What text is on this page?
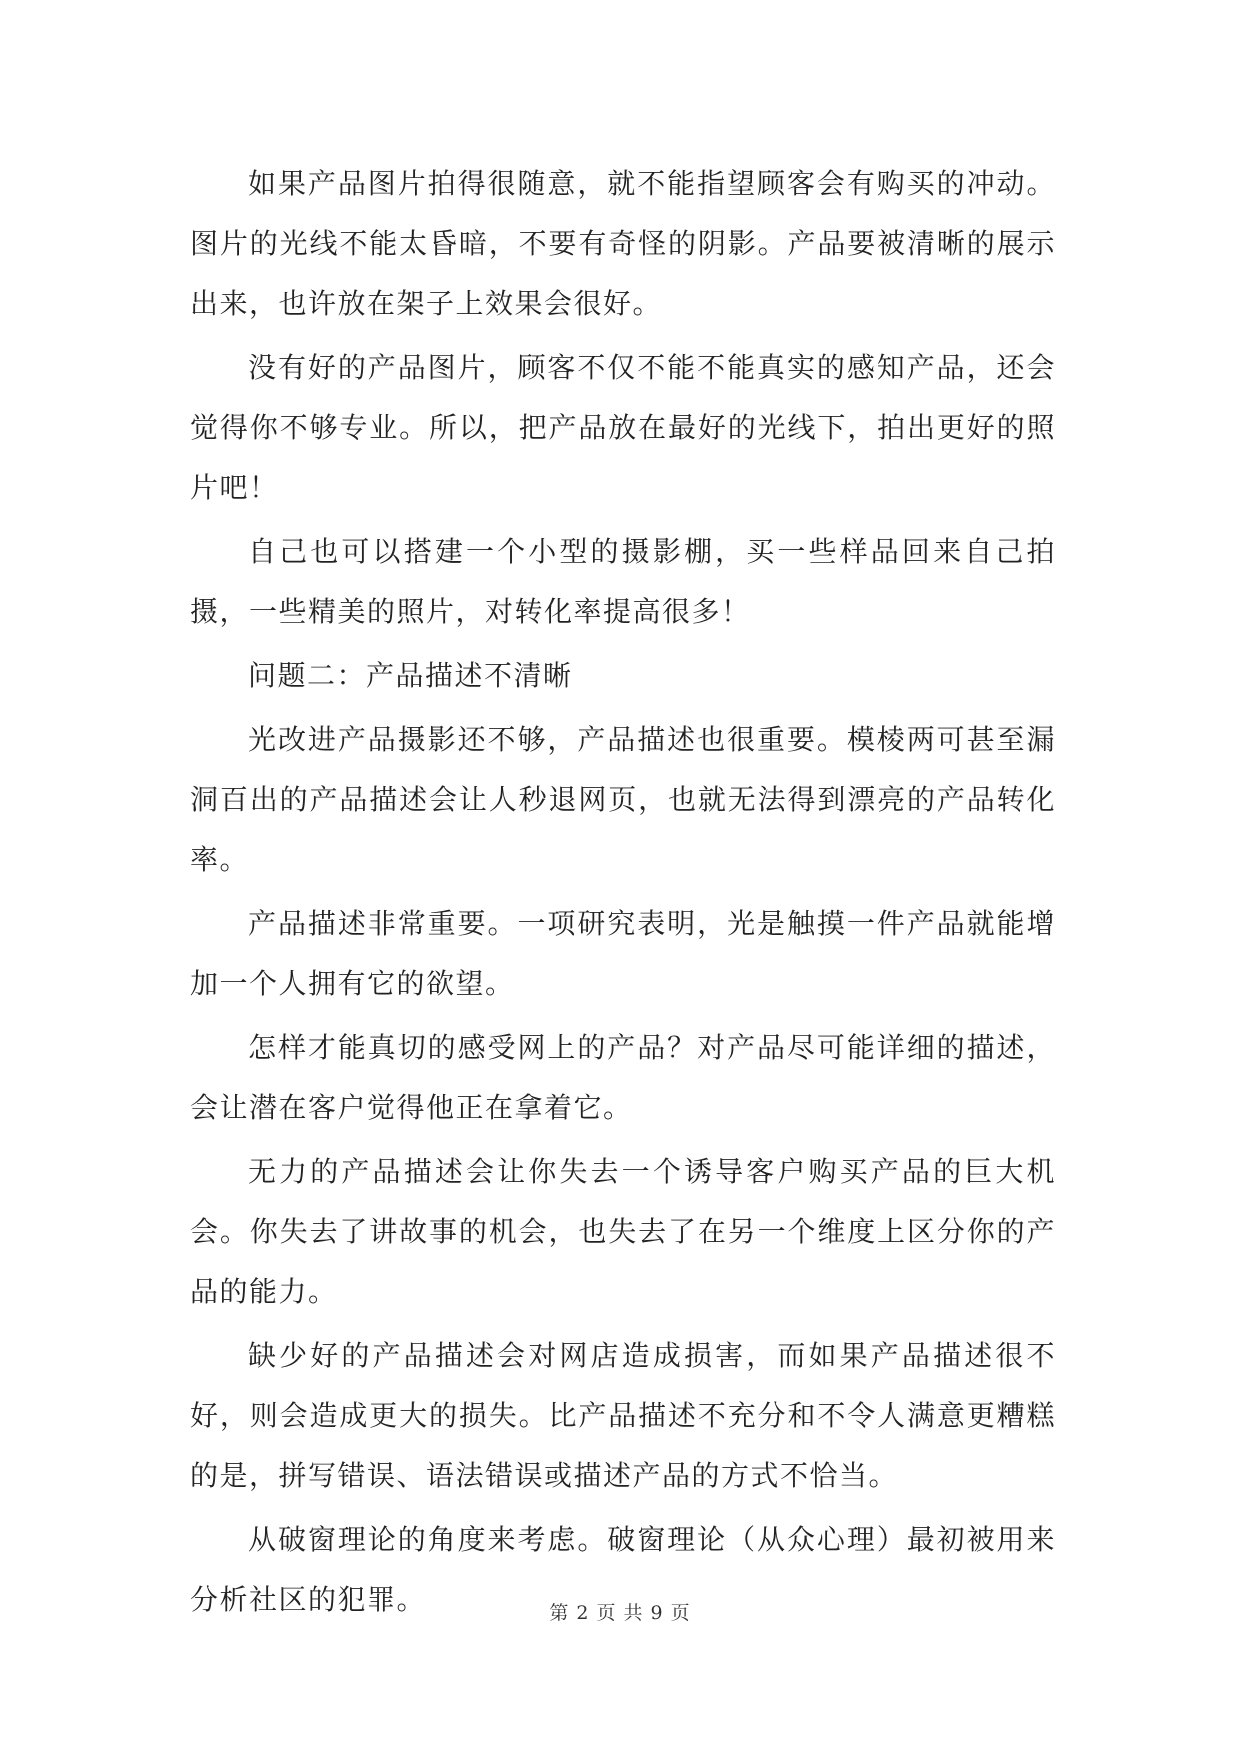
如果产品图片拍得很随意，就不能指望顾客会有购买的冲动。图片的光线不能太昏暗，不要有奇怪的阴影。产品要被清晰的展示出来，也许放在架子上效果会很好。

没有好的产品图片，顾客不仅不能不能真实的感知产品，还会觉得你不够专业。所以，把产品放在最好的光线下，拍出更好的照片吧！

自己也可以搭建一个小型的摄影棚，买一些样品回来自己拍摄，一些精美的照片，对转化率提高很多！

问题二：产品描述不清晰

光改进产品摄影还不够，产品描述也很重要。模棱两可甚至漏洞百出的产品描述会让人秒退网页，也就无法得到漂亮的产品转化率。

产品描述非常重要。一项研究表明，光是触摸一件产品就能增加一个人拥有它的欲望。

怎样才能真切的感受网上的产品？对产品尽可能详细的描述，会让潜在客户觉得他正在拿着它。

无力的产品描述会让你失去一个诱导客户购买产品的巨大机会。你失去了讲故事的机会，也失去了在另一个维度上区分你的产品的能力。

缺少好的产品描述会对网店造成损害，而如果产品描述很不好，则会造成更大的损失。比产品描述不充分和不令人满意更糟糕的是，拼写错误、语法错误或描述产品的方式不恰当。

从破窗理论的角度来考虑。破窗理论（从众心理）最初被用来分析社区的犯罪。	第 2 页 共 9 页
